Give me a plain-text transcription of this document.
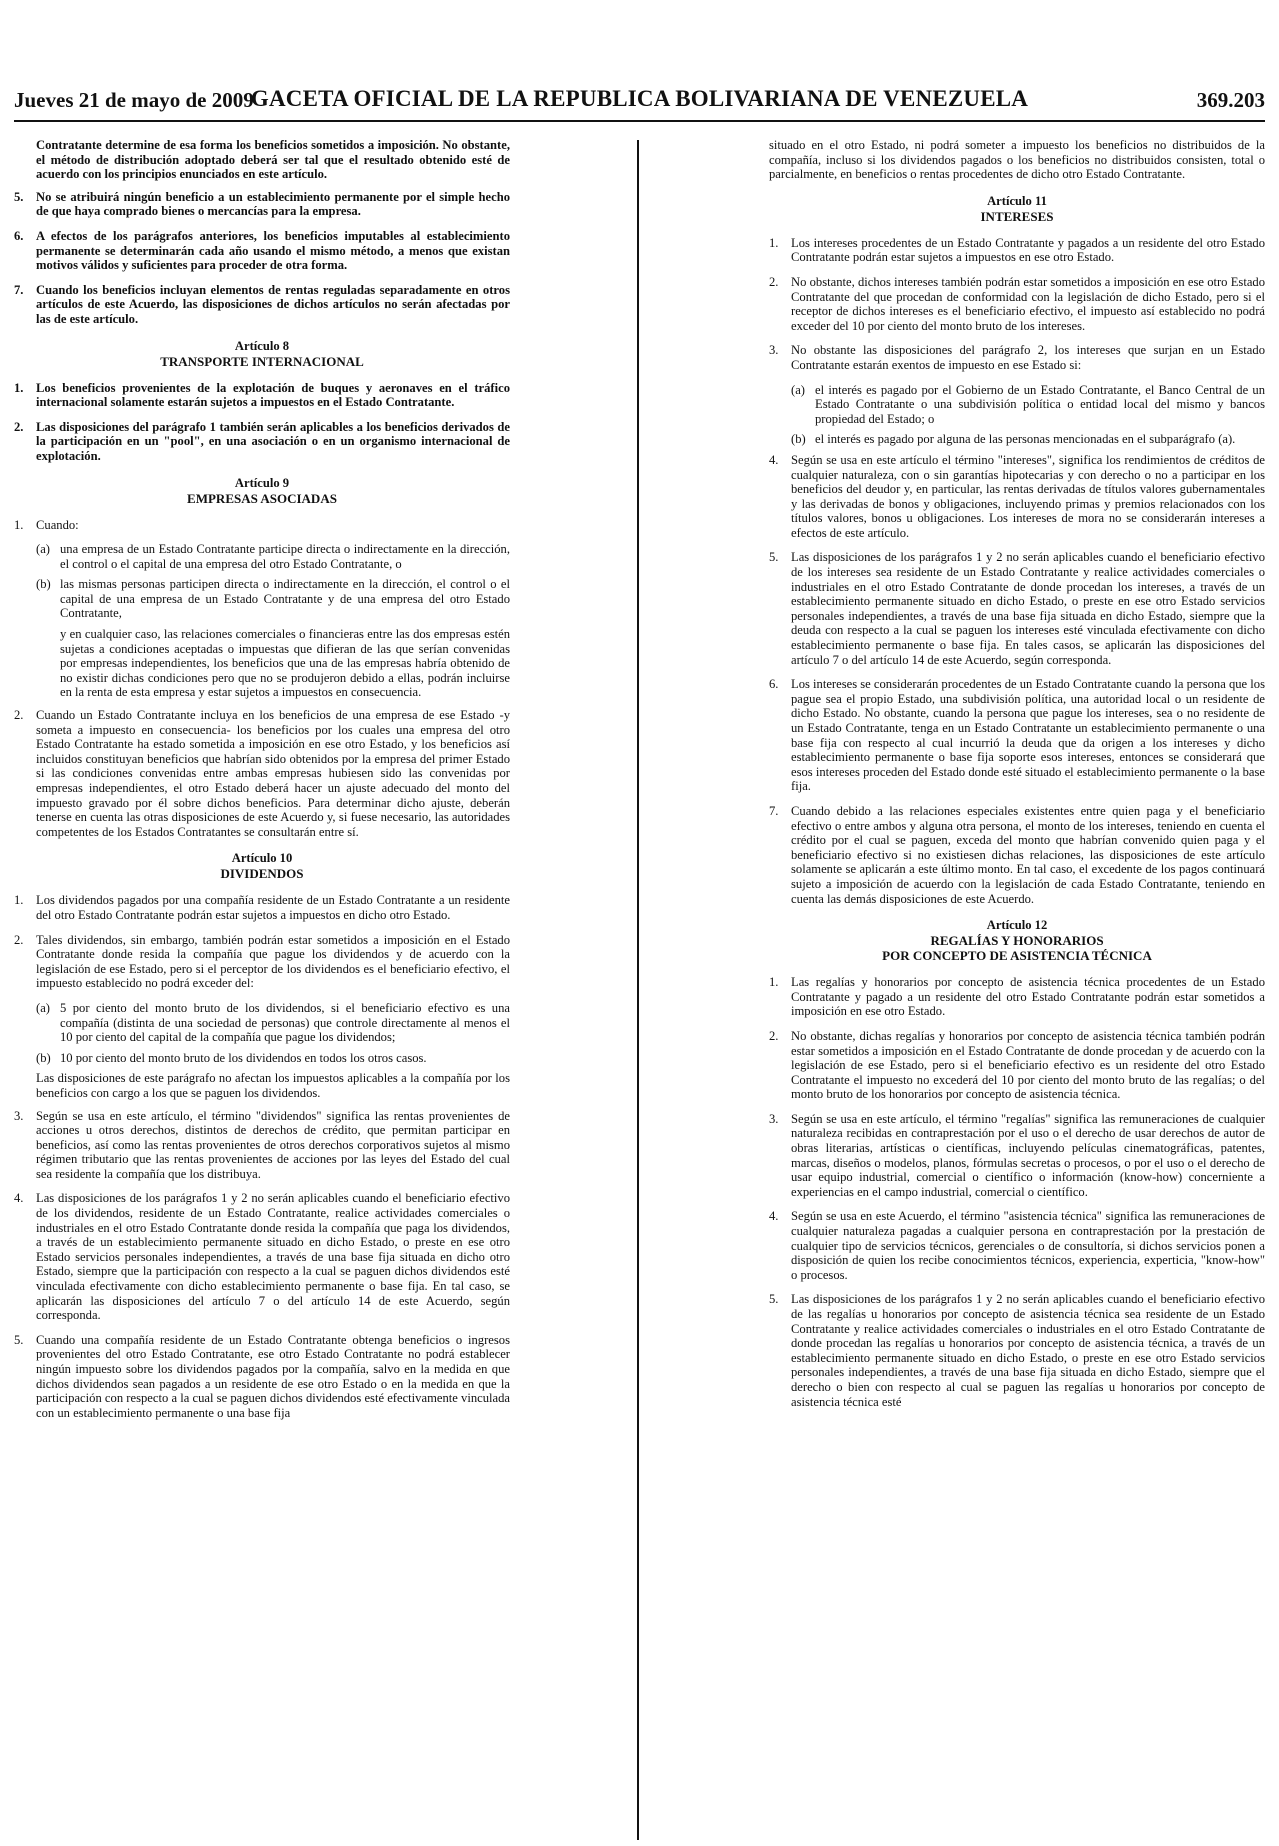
Jueves 21 de mayo de 2009
GACETA OFICIAL DE LA REPUBLICA BOLIVARIANA DE VENEZUELA	369.203

Contratante determine de esa forma los beneficios sometidos a imposición. No obstante, el método de distribución adoptado deberá ser tal que el resultado obtenido esté de acuerdo con los principios enunciados en este artículo.

5. No se atribuirá ningún beneficio a un establecimiento permanente por el simple hecho de que haya comprado bienes o mercancías para la empresa.
6. A efectos de los parágrafos anteriores, los beneficios imputables al establecimiento permanente se determinarán cada año usando el mismo método, a menos que existan motivos válidos y suficientes para proceder de otra forma.
7. Cuando los beneficios incluyan elementos de rentas reguladas separadamente en otros artículos de este Acuerdo, las disposiciones de dichos artículos no serán afectadas por las de este artículo.
Artículo 8
TRANSPORTE INTERNACIONAL
1. Los beneficios provenientes de la explotación de buques y aeronaves en el tráfico internacional solamente estarán sujetos a impuestos en el Estado Contratante.
2. Las disposiciones del parágrafo 1 también serán aplicables a los beneficios derivados de la participación en un "pool", en una asociación o en un organismo internacional de explotación.
Artículo 9
EMPRESAS ASOCIADAS
1. Cuando:
(a) una empresa de un Estado Contratante participe directa o indirectamente en la dirección, el control o el capital de una empresa del otro Estado Contratante, o
(b) las mismas personas participen directa o indirectamente en la dirección, el control o el capital de una empresa de un Estado Contratante y de una empresa del otro Estado Contratante,

y en cualquier caso, las relaciones comerciales o financieras entre las dos empresas estén sujetas a condiciones aceptadas o impuestas que difieran de las que serían convenidas por empresas independientes, los beneficios que una de las empresas habría obtenido de no existir dichas condiciones pero que no se produjeron debido a ellas, podrán incluirse en la renta de esta empresa y estar sujetos a impuestos en consecuencia.

2. Cuando un Estado Contratante incluya en los beneficios de una empresa de ese Estado -y someta a impuesto en consecuencia- los beneficios por los cuales una empresa del otro Estado Contratante ha estado sometida a imposición en ese otro Estado, y los beneficios así incluidos constituyan beneficios que habrían sido obtenidos por la empresa del primer Estado si las condiciones convenidas entre ambas empresas hubiesen sido las convenidas por empresas independientes, el otro Estado deberá hacer un ajuste adecuado del monto del impuesto gravado por él sobre dichos beneficios. Para determinar dicho ajuste, deberán tenerse en cuenta las otras disposiciones de este Acuerdo y, si fuese necesario, las autoridades competentes de los Estados Contratantes se consultarán entre sí.
Artículo 10
DIVIDENDOS
1. Los dividendos pagados por una compañía residente de un Estado Contratante a un residente del otro Estado Contratante podrán estar sujetos a impuestos en dicho otro Estado.
2. Tales dividendos, sin embargo, también podrán estar sometidos a imposición en el Estado Contratante donde resida la compañía que pague los dividendos y de acuerdo con la legislación de ese Estado, pero si el perceptor de los dividendos es el beneficiario efectivo, el impuesto establecido no podrá exceder del:
(a) 5 por ciento del monto bruto de los dividendos, si el beneficiario efectivo es una compañía (distinta de una sociedad de personas) que controle directamente al menos el 10 por ciento del capital de la compañía que pague los dividendos;
(b) 10 por ciento del monto bruto de los dividendos en todos los otros casos.

Las disposiciones de este parágrafo no afectan los impuestos aplicables a la compañía por los beneficios con cargo a los que se paguen los dividendos.

3. Según se usa en este artículo, el término "dividendos" significa las rentas provenientes de acciones u otros derechos, distintos de derechos de crédito, que permitan participar en beneficios, así como las rentas provenientes de otros derechos corporativos sujetos al mismo régimen tributario que las rentas provenientes de acciones por las leyes del Estado del cual sea residente la compañía que los distribuya.
4. Las disposiciones de los parágrafos 1 y 2 no serán aplicables cuando el beneficiario efectivo de los dividendos, residente de un Estado Contratante, realice actividades comerciales o industriales en el otro Estado Contratante donde resida la compañía que paga los dividendos, a través de un establecimiento permanente situado en dicho Estado, o preste en ese otro Estado servicios personales independientes, a través de una base fija situada en dicho otro Estado, siempre que la participación con respecto a la cual se paguen dichos dividendos esté vinculada efectivamente con dicho establecimiento permanente o base fija. En tal caso, se aplicarán las disposiciones del artículo 7 o del artículo 14 de este Acuerdo, según corresponda.
5. Cuando una compañía residente de un Estado Contratante obtenga beneficios o ingresos provenientes del otro Estado Contratante, ese otro Estado Contratante no podrá establecer ningún impuesto sobre los dividendos pagados por la compañía, salvo en la medida en que dichos dividendos sean pagados a un residente de ese otro Estado o en la medida en que la participación con respecto a la cual se paguen dichos dividendos esté efectivamente vinculada con un establecimiento permanente o una base fija

situado en el otro Estado, ni podrá someter a impuesto los beneficios no distribuidos de la compañía, incluso si los dividendos pagados o los beneficios no distribuidos consisten, total o parcialmente, en beneficios o rentas procedentes de dicho otro Estado Contratante.

Artículo 11
INTERESES
1. Los intereses procedentes de un Estado Contratante y pagados a un residente del otro Estado Contratante podrán estar sujetos a impuestos en ese otro Estado.
2. No obstante, dichos intereses también podrán estar sometidos a imposición en ese otro Estado Contratante del que procedan de conformidad con la legislación de dicho Estado, pero si el receptor de dichos intereses es el beneficiario efectivo, el impuesto así establecido no podrá exceder del 10 por ciento del monto bruto de los intereses.
3. No obstante las disposiciones del parágrafo 2, los intereses que surjan en un Estado Contratante estarán exentos de impuesto en ese Estado si:
(a) el interés es pagado por el Gobierno de un Estado Contratante, el Banco Central de un Estado Contratante o una subdivisión política o entidad local del mismo y bancos propiedad del Estado; o
(b) el interés es pagado por alguna de las personas mencionadas en el subparágrafo (a).
4. Según se usa en este artículo el término "intereses", significa los rendimientos de créditos de cualquier naturaleza, con o sin garantías hipotecarias y con derecho o no a participar en los beneficios del deudor y, en particular, las rentas derivadas de títulos valores gubernamentales y las derivadas de bonos y obligaciones, incluyendo primas y premios relacionados con los títulos valores, bonos u obligaciones. Los intereses de mora no se considerarán intereses a efectos de este artículo.
5. Las disposiciones de los parágrafos 1 y 2 no serán aplicables cuando el beneficiario efectivo de los intereses sea residente de un Estado Contratante y realice actividades comerciales o industriales en el otro Estado Contratante de donde procedan los intereses, a través de un establecimiento permanente situado en dicho Estado, o preste en ese otro Estado servicios personales independientes, a través de una base fija situada en dicho Estado, siempre que la deuda con respecto a la cual se paguen los intereses esté vinculada efectivamente con dicho establecimiento permanente o base fija. En tales casos, se aplicarán las disposiciones del artículo 7 o del artículo 14 de este Acuerdo, según corresponda.
6. Los intereses se considerarán procedentes de un Estado Contratante cuando la persona que los pague sea el propio Estado, una subdivisión política, una autoridad local o un residente de dicho Estado. No obstante, cuando la persona que pague los intereses, sea o no residente de un Estado Contratante, tenga en un Estado Contratante un establecimiento permanente o una base fija con respecto al cual incurrió la deuda que da origen a los intereses y dicho establecimiento permanente o base fija soporte esos intereses, entonces se considerará que esos intereses proceden del Estado donde esté situado el establecimiento permanente o la base fija.
7. Cuando debido a las relaciones especiales existentes entre quien paga y el beneficiario efectivo o entre ambos y alguna otra persona, el monto de los intereses, teniendo en cuenta el crédito por el cual se paguen, exceda del monto que habrían convenido quien paga y el beneficiario efectivo si no existiesen dichas relaciones, las disposiciones de este artículo solamente se aplicarán a este último monto. En tal caso, el excedente de los pagos continuará sujeto a imposición de acuerdo con la legislación de cada Estado Contratante, teniendo en cuenta las demás disposiciones de este Acuerdo.
Artículo 12
REGALÍAS Y HONORARIOS
POR CONCEPTO DE ASISTENCIA TÉCNICA
1. Las regalías y honorarios por concepto de asistencia técnica procedentes de un Estado Contratante y pagado a un residente del otro Estado Contratante podrán estar sometidos a imposición en ese otro Estado.
2. No obstante, dichas regalías y honorarios por concepto de asistencia técnica también podrán estar sometidos a imposición en el Estado Contratante de donde procedan y de acuerdo con la legislación de ese Estado, pero si el beneficiario efectivo es un residente del otro Estado Contratante el impuesto no excederá del 10 por ciento del monto bruto de las regalías; o del monto bruto de los honorarios por concepto de asistencia técnica.
3. Según se usa en este artículo, el término "regalías" significa las remuneraciones de cualquier naturaleza recibidas en contraprestación por el uso o el derecho de usar derechos de autor de obras literarias, artísticas o científicas, incluyendo películas cinematográficas, patentes, marcas, diseños o modelos, planos, fórmulas secretas o procesos, o por el uso o el derecho de usar equipo industrial, comercial o científico o información (know-how) concerniente a experiencias en el campo industrial, comercial o científico.
4. Según se usa en este Acuerdo, el término "asistencia técnica" significa las remuneraciones de cualquier naturaleza pagadas a cualquier persona en contraprestación por la prestación de cualquier tipo de servicios técnicos, gerenciales o de consultoría, si dichos servicios ponen a disposición de quien los recibe conocimientos técnicos, experiencia, experticia, "know-how" o procesos.
5. Las disposiciones de los parágrafos 1 y 2 no serán aplicables cuando el beneficiario efectivo de las regalías u honorarios por concepto de asistencia técnica sea residente de un Estado Contratante y realice actividades comerciales o industriales en el otro Estado Contratante de donde procedan las regalías u honorarios por concepto de asistencia técnica, a través de un establecimiento permanente situado en dicho Estado, o preste en ese otro Estado servicios personales independientes, a través de una base fija situada en dicho Estado, siempre que el derecho o bien con respecto al cual se paguen las regalías u honorarios por concepto de asistencia técnica esté
